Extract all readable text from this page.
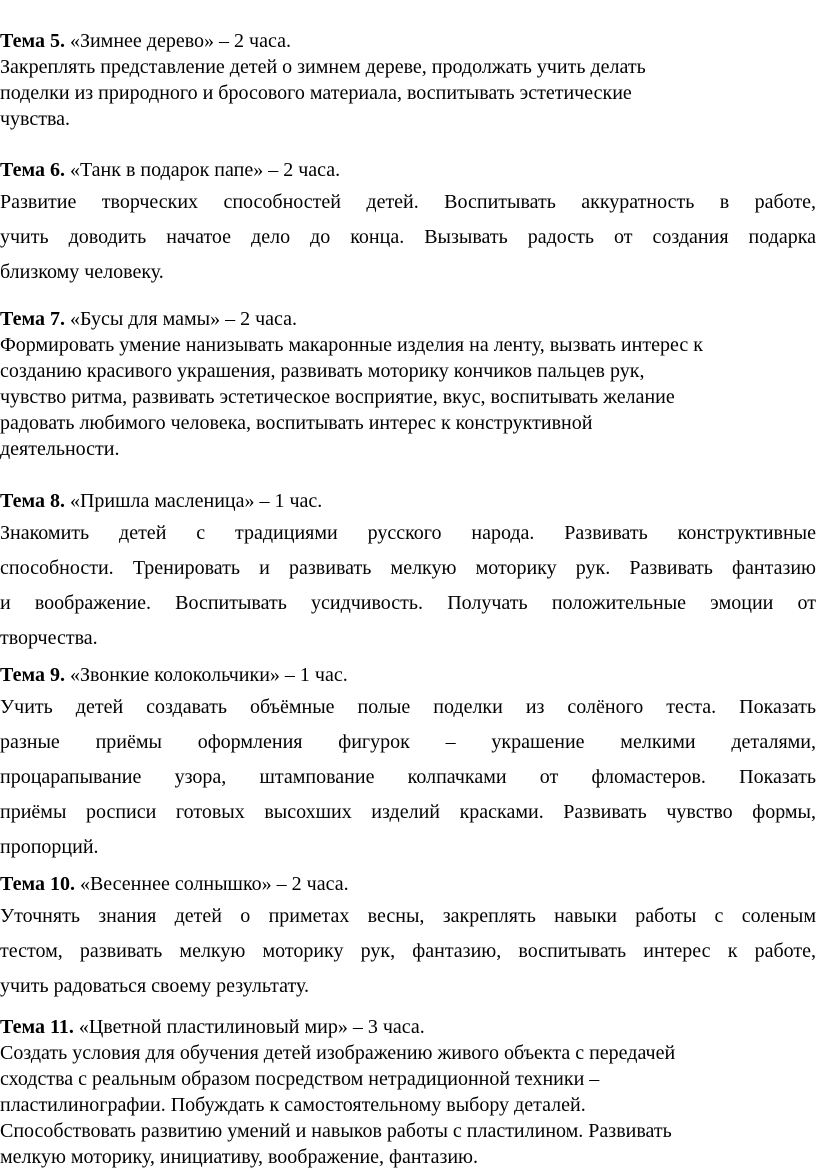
Тема 5. «Зимнее дерево» – 2 часа.
Закреплять представление детей о зимнем дереве, продолжать учить делать
поделки из природного и бросового материала, воспитывать эстетические
чувства.
Тема 6. «Танк в подарок папе» – 2 часа.
Развитие творческих способностей детей. Воспитывать аккуратность в работе,
учить доводить начатое дело до конца. Вызывать радость от создания подарка
близкому человеку.
Тема 7. «Бусы для мамы» – 2 часа.
Формировать умение нанизывать макаронные изделия на ленту, вызвать интерес к
созданию красивого украшения, развивать моторику кончиков пальцев рук,
чувство ритма, развивать эстетическое восприятие, вкус, воспитывать желание
радовать любимого человека, воспитывать интерес к конструктивной
деятельности.
Тема 8. «Пришла масленица» – 1 час.
Знакомить детей с традициями русского народа. Развивать конструктивные
способности. Тренировать и развивать мелкую моторику рук. Развивать фантазию
и воображение. Воспитывать усидчивость. Получать положительные эмоции от
творчества.
Тема 9. «Звонкие колокольчики» – 1 час.
Учить детей создавать объёмные полые поделки из солёного теста. Показать
разные приёмы оформления фигурок – украшение мелкими деталями,
процарапывание узора, штампование колпачками от фломастеров. Показать
приёмы росписи готовых высохших изделий красками. Развивать чувство формы,
пропорций.
Тема 10. «Весеннее солнышко» – 2 часа.
Уточнять знания детей о приметах весны, закреплять навыки работы с соленым
тестом, развивать мелкую моторику рук, фантазию, воспитывать интерес к работе,
учить радоваться своему результату.
Тема 11. «Цветной пластилиновый мир» – 3 часа.
Создать условия для обучения детей изображению живого объекта с передачей
сходства с реальным образом посредством нетрадиционной техники –
пластилинографии. Побуждать к самостоятельному выбору деталей.
Способствовать развитию умений и навыков работы с пластилином. Развивать
мелкую моторику, инициативу, воображение, фантазию.
